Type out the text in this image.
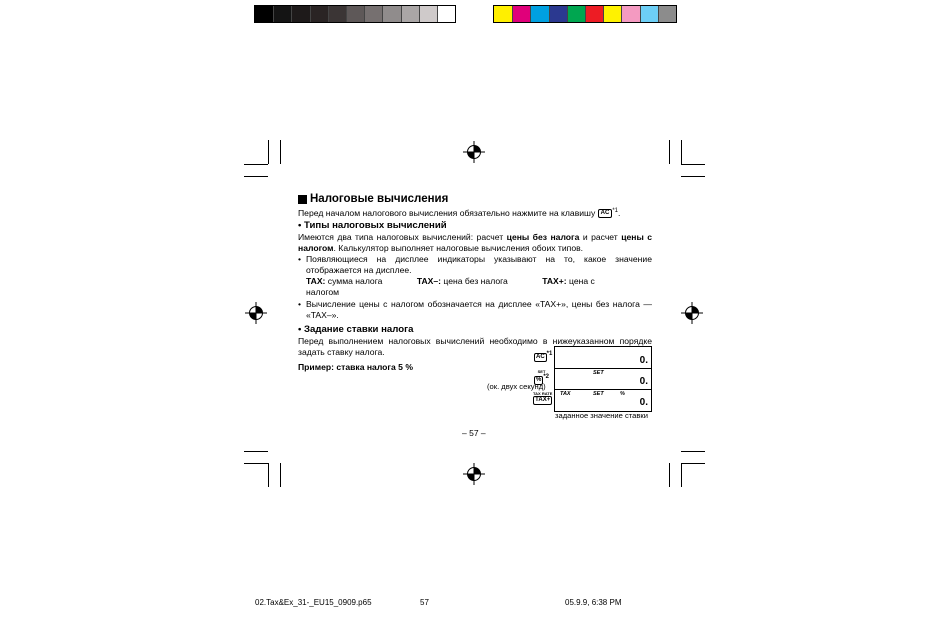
Налоговые вычисления

Перед началом налогового вычисления обязательно нажмите на клавишу AC $^{*1}$.

• Типы налоговых вычислений

Имеются два типа налоговых вычислений: расчет цены без налога и расчет цены с налогом. Калькулятор выполняет налоговые вычисления обоих типов.

• Появляющиеся на дисплее индикаторы указывают на то, какое значение отображается на дисплее.
TAX: сумма налога	TAX–: цена без налога	TAX+: цена с налогом
• Вычисление цены с налогом обозначается на дисплее «TAX+», цены без налога — «TAX–».
• Задание ставки налога

Перед выполнением налоговых вычислений необходимо в нижеуказанном порядке задать ставку налога.

Пример: ставка налога 5 %

AC $^{*1}$
SET
% $^{*2}$
(ок. двух секунд)
TAX RATE
TAX+
0.
SET
0.
TAX	SET	%
0.
заданное значение ставки
– 57 –
02.Tax&Ex_31-_EU15_0909.p65	57	05.9.9, 6:38 PM
